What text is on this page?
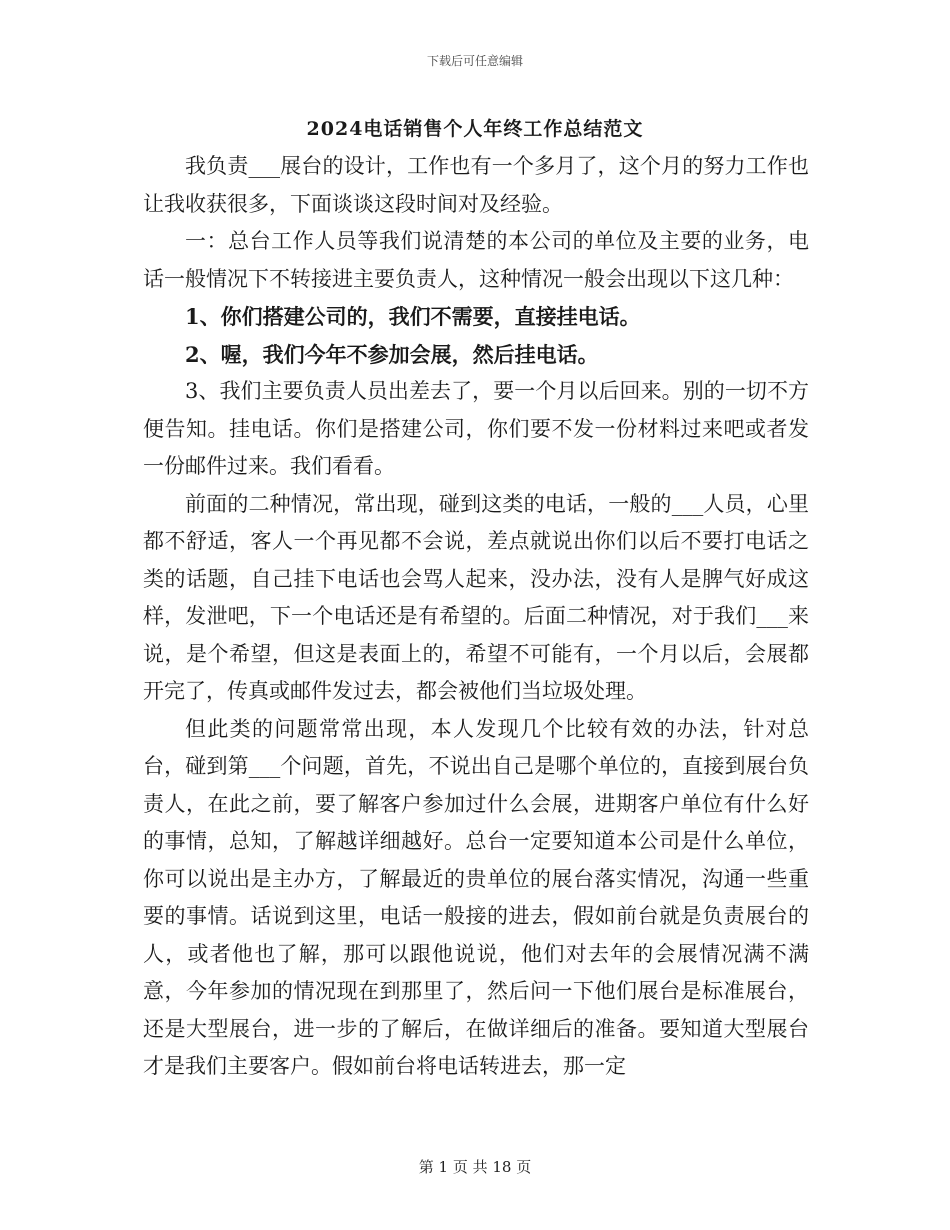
下载后可任意编辑
2024电话销售个人年终工作总结范文

我负责___展台的设计，工作也有一个多月了，这个月的努力工作也让我收获很多，下面谈谈这段时间对及经验。

一：总台工作人员等我们说清楚的本公司的单位及主要的业务，电话一般情况下不转接进主要负责人，这种情况一般会出现以下这几种：

1、你们搭建公司的，我们不需要，直接挂电话。

2、喔，我们今年不参加会展，然后挂电话。

3、我们主要负责人员出差去了，要一个月以后回来。别的一切不方便告知。挂电话。你们是搭建公司，你们要不发一份材料过来吧或者发一份邮件过来。我们看看。

前面的二种情况，常出现，碰到这类的电话，一般的___人员，心里都不舒适，客人一个再见都不会说，差点就说出你们以后不要打电话之类的话题，自己挂下电话也会骂人起来，没办法，没有人是脾气好成这样，发泄吧，下一个电话还是有希望的。后面二种情况，对于我们___来说，是个希望，但这是表面上的，希望不可能有，一个月以后，会展都开完了，传真或邮件发过去，都会被他们当垃圾处理。

但此类的问题常常出现，本人发现几个比较有效的办法，针对总台，碰到第___个问题，首先，不说出自己是哪个单位的，直接到展台负责人，在此之前，要了解客户参加过什么会展，进期客户单位有什么好的事情，总知，了解越详细越好。总台一定要知道本公司是什么单位，你可以说出是主办方，了解最近的贵单位的展台落实情况，沟通一些重要的事情。话说到这里，电话一般接的进去，假如前台就是负责展台的人，或者他也了解，那可以跟他说说，他们对去年的会展情况满不满意，今年参加的情况现在到那里了，然后问一下他们展台是标准展台，还是大型展台，进一步的了解后，在做详细后的准备。要知道大型展台才是我们主要客户。假如前台将电话转进去，那一定

第 1 页 共 18 页
